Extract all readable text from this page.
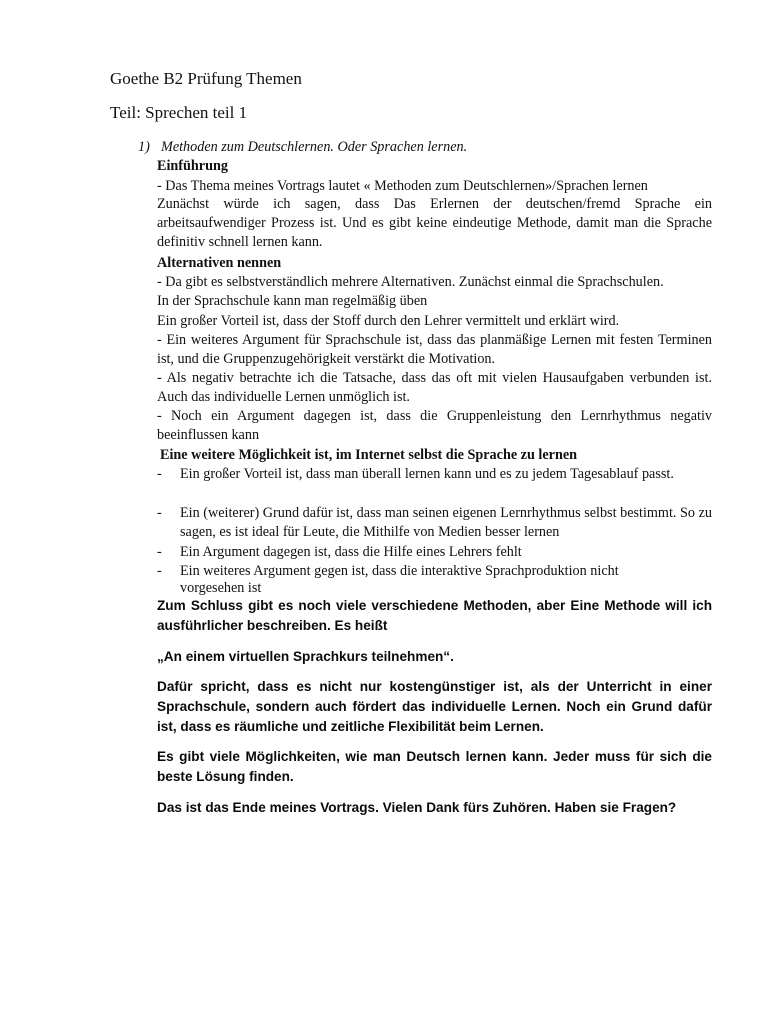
Goethe B2 Prüfung Themen
Teil: Sprechen teil 1
1) Methoden zum Deutschlernen. Oder Sprachen lernen.
Einführung
- Das Thema meines Vortrags lautet « Methoden zum Deutschlernen»/Sprachen lernen
Zunächst würde ich sagen, dass Das Erlernen der deutschen/fremd Sprache ein arbeitsaufwendiger Prozess ist. Und es gibt keine eindeutige Methode, damit man die Sprache definitiv schnell lernen kann.
Alternativen nennen
- Da gibt es selbstverständlich mehrere Alternativen. Zunächst einmal die Sprachschulen.
In der Sprachschule kann man regelmäßig üben
Ein großer Vorteil ist, dass der Stoff durch den Lehrer vermittelt und erklärt wird.
- Ein weiteres Argument für Sprachschule ist, dass das planmäßige Lernen mit festen Terminen ist, und die Gruppenzugehörigkeit verstärkt die Motivation.
- Als negativ betrachte ich die Tatsache, dass das oft mit vielen Hausaufgaben verbunden ist. Auch das individuelle Lernen unmöglich ist.
- Noch ein Argument dagegen ist, dass die Gruppenleistung den Lernrhythmus negativ beeinflussen kann
Eine weitere Möglichkeit ist, im Internet selbst die Sprache zu lernen
- Ein großer Vorteil ist, dass man überall lernen kann und es zu jedem Tagesablauf passt.
- Ein (weiterer) Grund dafür ist, dass man seinen eigenen Lernrhythmus selbst bestimmt. So zu sagen, es ist ideal für Leute, die Mithilfe von Medien besser lernen
- Ein Argument dagegen ist, dass die Hilfe eines Lehrers fehlt
- Ein weiteres Argument gegen ist, dass die interaktive Sprachproduktion nicht
vorgesehen ist
Zum Schluss gibt es noch viele verschiedene Methoden, aber Eine Methode will ich ausführlicher beschreiben. Es heißt
„An einem virtuellen Sprachkurs teilnehmen“.
Dafür spricht, dass es nicht nur kostengünstiger ist, als der Unterricht in einer Sprachschule, sondern auch fördert das individuelle Lernen. Noch ein Grund dafür ist, dass es räumliche und zeitliche Flexibilität beim Lernen.
Es gibt viele Möglichkeiten, wie man Deutsch lernen kann. Jeder muss für sich die beste Lösung finden.
Das ist das Ende meines Vortrags. Vielen Dank fürs Zuhören. Haben sie Fragen?
